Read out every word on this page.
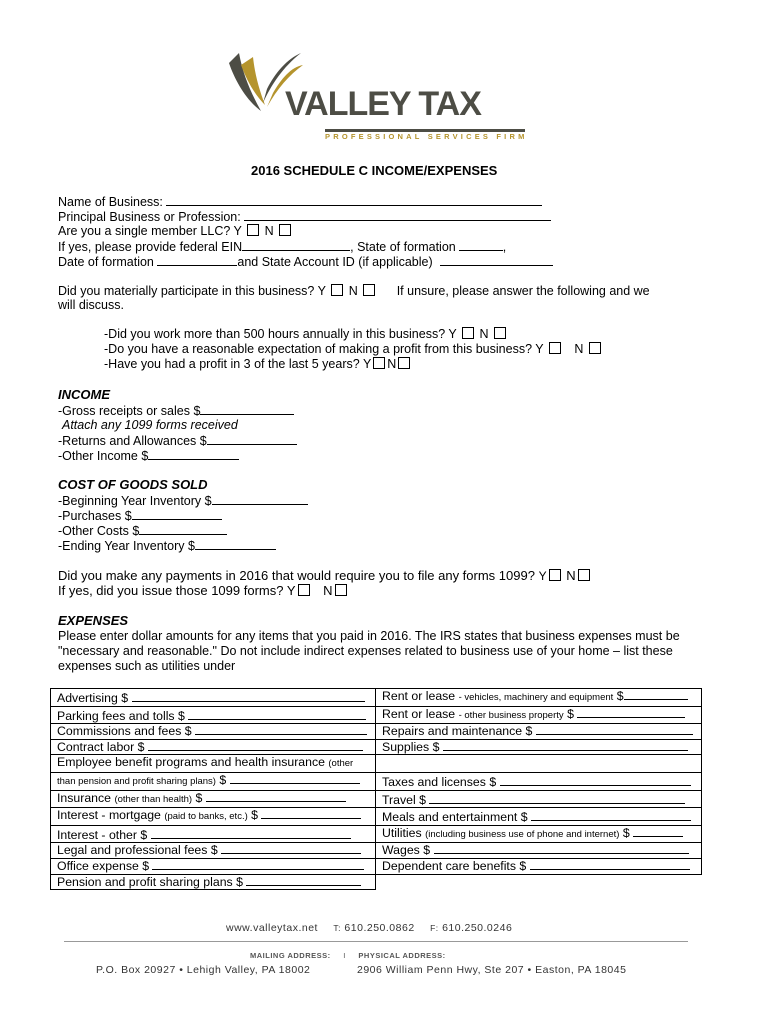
VALLEY TAX
PROFESSIONAL SERVICES FIRM
2016 SCHEDULE C INCOME/EXPENSES
Name of Business:
Principal Business or Profession:
Are you a single member LLC? Y N
If yes, please provide federal EIN	, State of formation	,
Date of formation	and State Account ID (if applicable)
Did you materially participate in this business? Y N	If unsure, please answer the following and we
will discuss.
-Did you work more than 500 hours annually in this business? Y N
-Do you have a reasonable expectation of making a profit from this business? Y N
-Have you had a profit in 3 of the last 5 years? Y N
INCOME
-Gross receipts or sales $
Attach any 1099 forms received
-Returns and Allowances $
-Other Income $
COST OF GOODS SOLD
-Beginning Year Inventory $
-Purchases $
-Other Costs $
-Ending Year Inventory $
Did you make any payments in 2016 that would require you to file any forms 1099? Y N
If yes, did you issue those 1099 forms? Y N
EXPENSES
Please enter dollar amounts for any items that you paid in 2016. The IRS states that business expenses must be
"necessary and reasonable." Do not include indirect expenses related to business use of your home – list these
expenses such as utilities under
Advertising $	Rent or lease - vehicles, machinery and equipment $
Parking fees and tolls $	Rent or lease - other business property $
Commissions and fees $	Repairs and maintenance $
Contract labor $	Supplies $
Employee benefit programs and health insurance (other	
than pension and profit sharing plans) $	Taxes and licenses $
Insurance (other than health) $	Travel $
Interest - mortgage (paid to banks, etc.) $	Meals and entertainment $
Interest - other $	Utilities (including business use of phone and internet) $
Legal and professional fees $	Wages $
Office expense $	Dependent care benefits $
Pension and profit sharing plans $	
www.valleytax.net T: 610.250.0862 F: 610.250.0246
MAILING ADDRESS: I PHYSICAL ADDRESS:
P.O. Box 20927 • Lehigh Valley, PA 18002	2906 William Penn Hwy, Ste 207 • Easton, PA 18045
